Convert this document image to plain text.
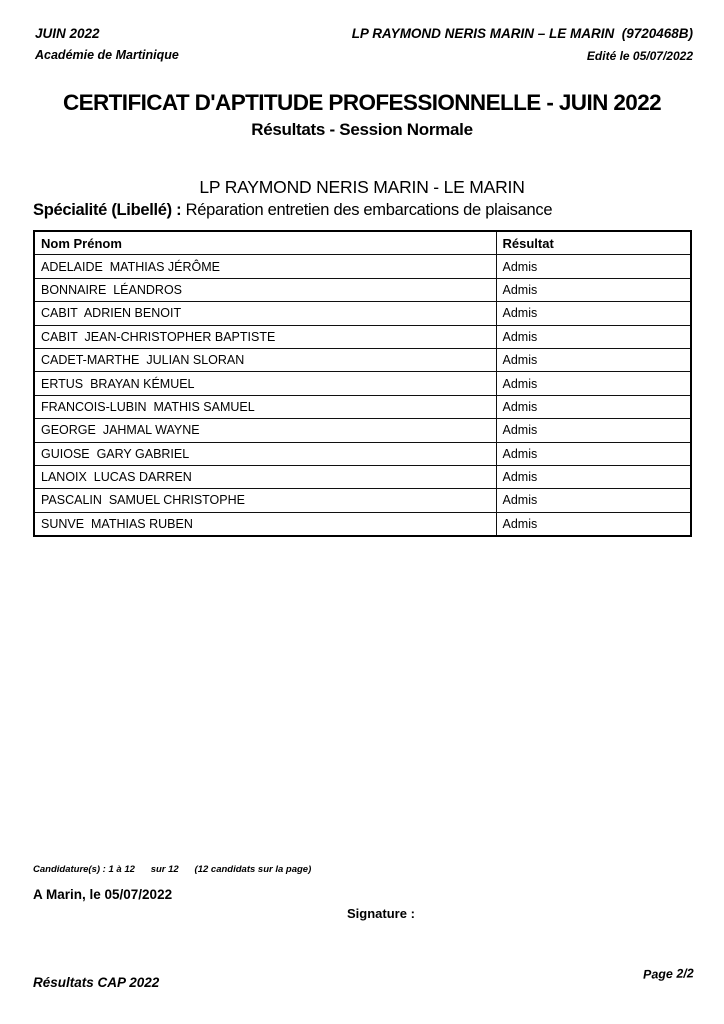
JUIN 2022
Académie de Martinique
LP RAYMOND NERIS MARIN – LE MARIN  (9720468B)
Edité le 05/07/2022
CERTIFICAT D'APTITUDE PROFESSIONNELLE - JUIN 2022
Résultats - Session Normale
LP RAYMOND NERIS MARIN - LE MARIN
Spécialité (Libellé) : Réparation entretien des embarcations de plaisance
Nom Prénom	Résultat
ADELAIDE  MATHIAS JÉRÔME	Admis
BONNAIRE  LÉANDROS	Admis
CABIT  ADRIEN BENOIT	Admis
CABIT  JEAN-CHRISTOPHER BAPTISTE	Admis
CADET-MARTHE  JULIAN SLORAN	Admis
ERTUS  BRAYAN KÉMUEL	Admis
FRANCOIS-LUBIN  MATHIS SAMUEL	Admis
GEORGE  JAHMAL WAYNE	Admis
GUIOSE  GARY GABRIEL	Admis
LANOIX  LUCAS DARREN	Admis
PASCALIN  SAMUEL CHRISTOPHE	Admis
SUNVE  MATHIAS RUBEN	Admis
Candidature(s) : 1 à 12      sur 12      (12 candidats sur la page)
A Marin, le 05/07/2022
Signature :
Résultats CAP 2022
Page 2/2
